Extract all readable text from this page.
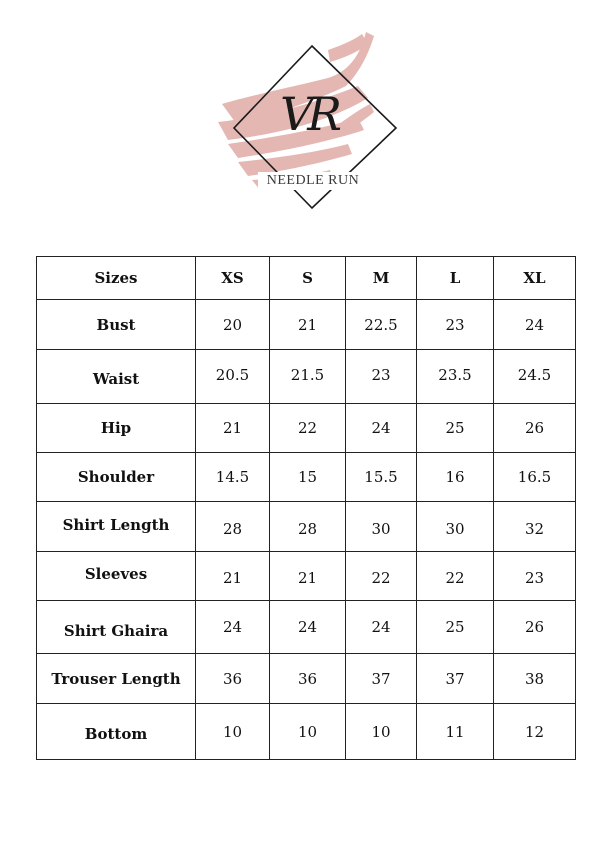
VR
NEEDLE RUN
Sizes	XS	S	M	L	XL
Bust	20	21	22.5	23	24
Waist	20.5	21.5	23	23.5	24.5
Hip	21	22	24	25	26
Shoulder	14.5	15	15.5	16	16.5
Shirt Length	28	28	30	30	32
Sleeves	21	21	22	22	23
Shirt Ghaira	24	24	24	25	26
Trouser Length	36	36	37	37	38
Bottom	10	10	10	11	12
